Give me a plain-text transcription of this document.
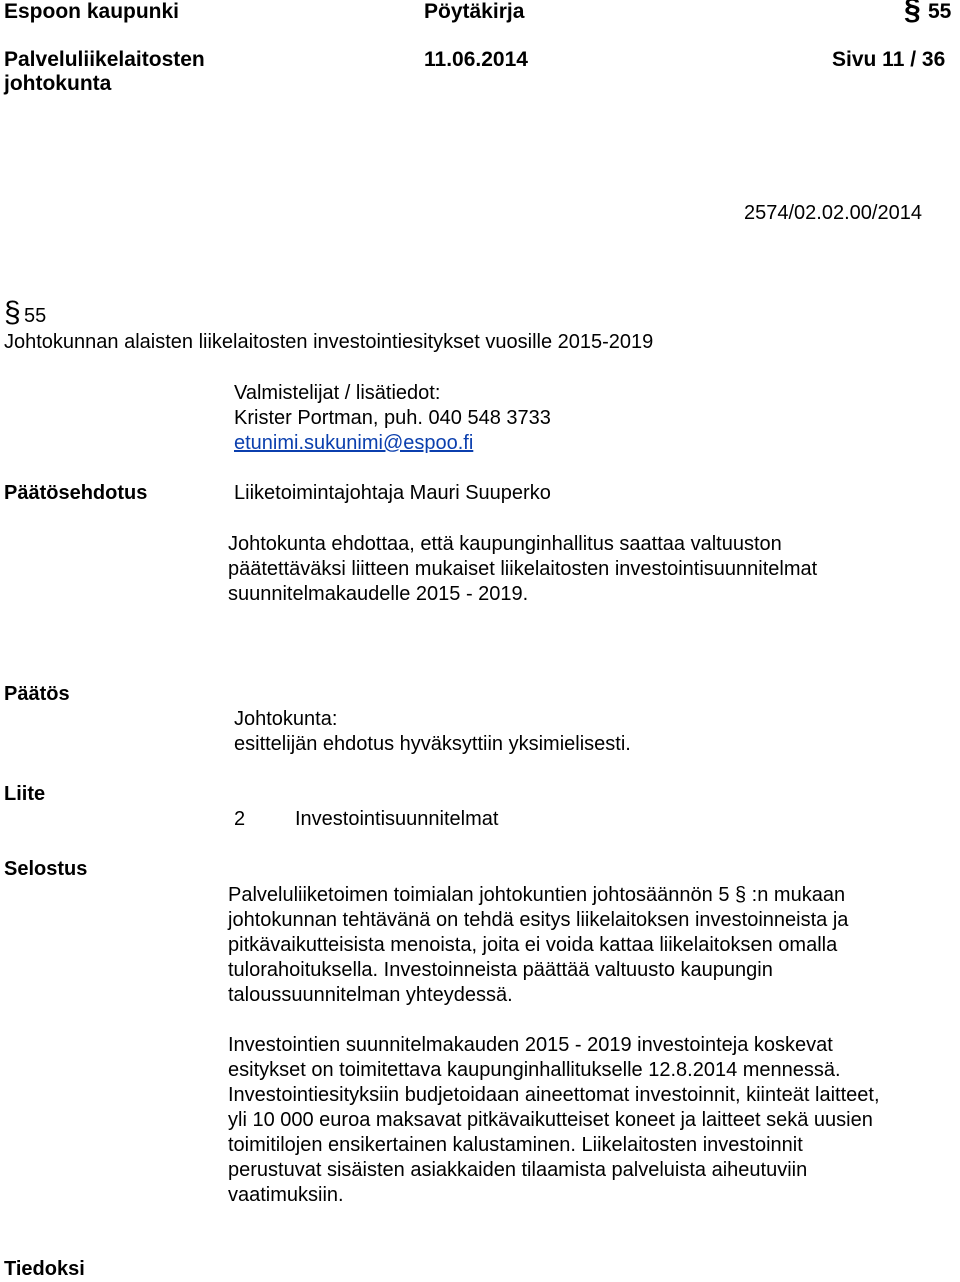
Espoon kaupunki	Pöytäkirja	§ 55
Palveluliikelaitosten
johtokunta
11.06.2014	Sivu 11 / 36
2574/02.02.00/2014
§ 55
Johtokunnan alaisten liikelaitosten investointiesitykset vuosille 2015-2019
Valmistelijat / lisätiedot:
Krister Portman, puh. 040 548 3733
etunimi.sukunimi@espoo.fi
Päätösehdotus	Liiketoimintajohtaja Mauri Suuperko
Johtokunta ehdottaa, että kaupunginhallitus saattaa valtuuston
päätettäväksi liitteen mukaiset liikelaitosten investointisuunnitelmat
suunnitelmakaudelle 2015 - 2019.
Päätös
Johtokunta:
esittelijän ehdotus hyväksyttiin yksimielisesti.
Liite
2 Investointisuunnitelmat
Selostus
Palveluliiketoimen toimialan johtokuntien johtosäännön 5 § :n mukaan
johtokunnan tehtävänä on tehdä esitys liikelaitoksen investoinneista ja
pitkävaikutteisista menoista, joita ei voida kattaa liikelaitoksen omalla
tulorahoituksella. Investoinneista päättää valtuusto kaupungin
taloussuunnitelman yhteydessä.
Investointien suunnitelmakauden 2015 - 2019 investointeja koskevat
esitykset on toimitettava kaupunginhallitukselle 12.8.2014 mennessä.
Investointiesityksiin budjetoidaan aineettomat investoinnit, kiinteät laitteet,
yli 10 000 euroa maksavat pitkävaikutteiset koneet ja laitteet sekä uusien
toimitilojen ensikertainen kalustaminen. Liikelaitosten investoinnit
perustuvat sisäisten asiakkaiden tilaamista palveluista aiheutuviin
vaatimuksiin.
Tiedoksi
